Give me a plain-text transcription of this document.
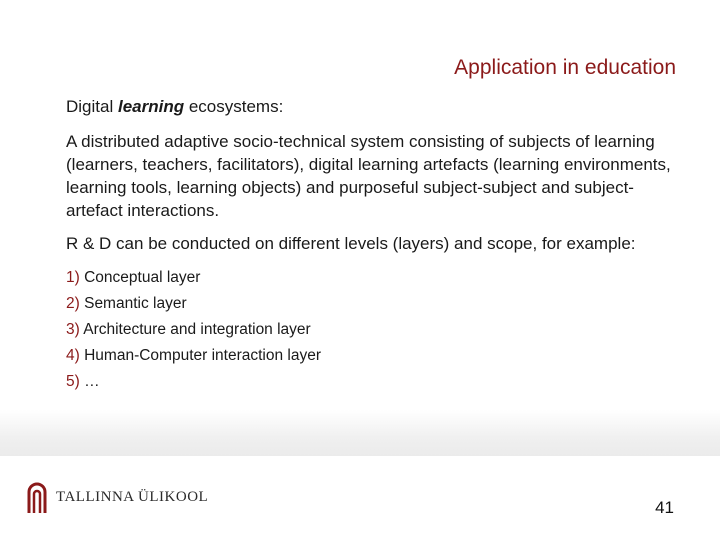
Application in education

Digital learning ecosystems:

A distributed adaptive socio-technical system consisting of subjects of learning (learners, teachers, facilitators), digital learning artefacts (learning environments, learning tools, learning objects) and purposeful subject-subject and subject-artefact interactions.

R & D can be conducted on different levels (layers) and scope, for example:

1) Conceptual layer
2) Semantic layer
3) Architecture and integration layer
4) Human-Computer interaction layer
5) …
TALLINNA ÜLIKOOL
41
